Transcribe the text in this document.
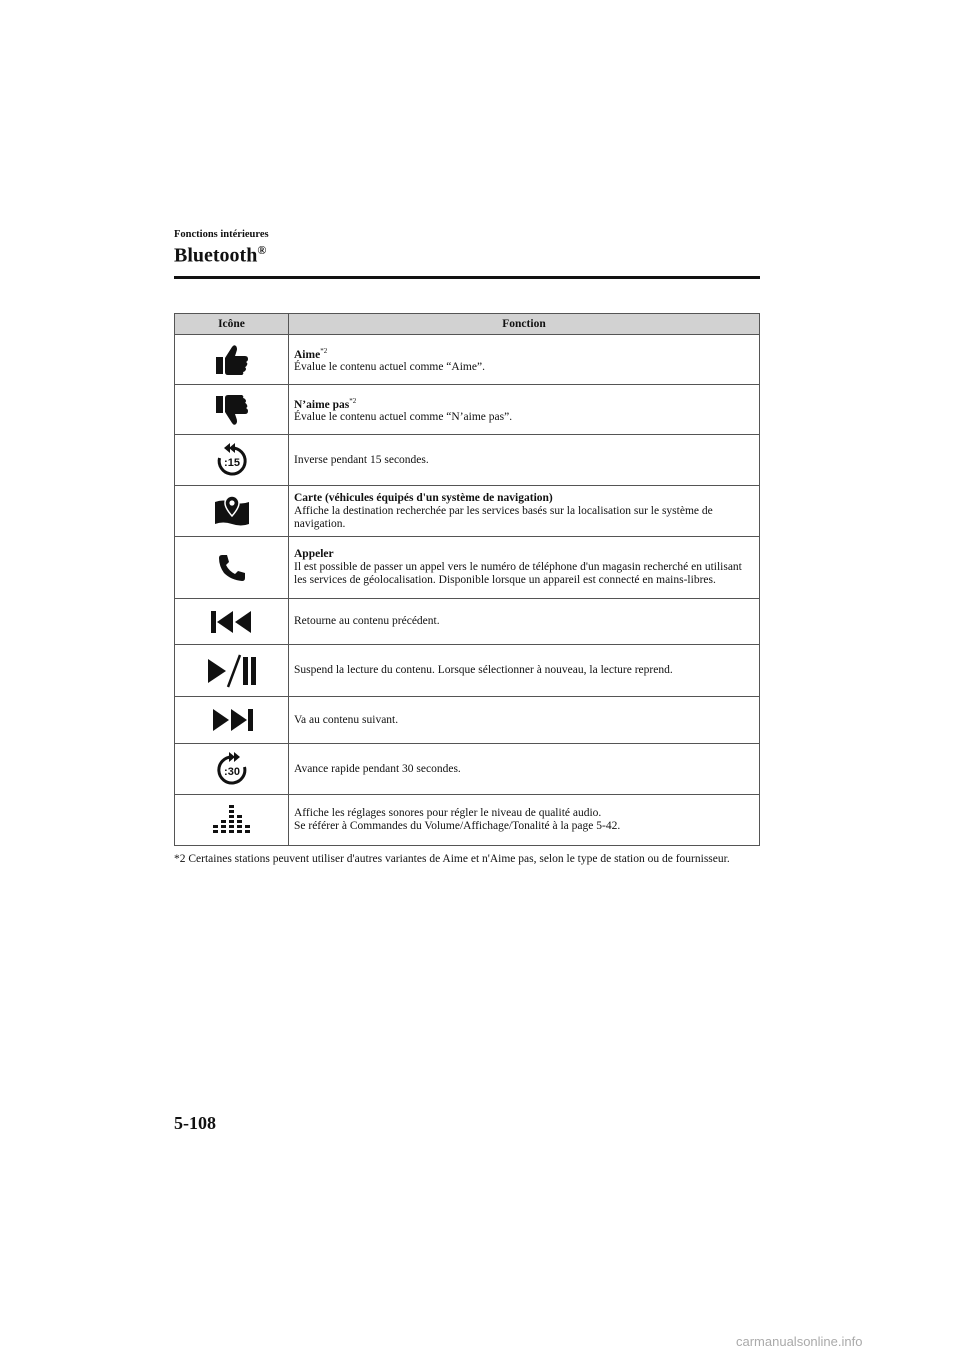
Fonctions intérieures
Bluetooth®
Icône	Fonction

Aime$^{*2}$
Évalue le contenu actuel comme “Aime”.

N’aime pas$^{*2}$
Évalue le contenu actuel comme “N’aime pas”.

:15	Inverse pendant 15 secondes.

Carte (véhicules équipés d'un système de navigation)
Affiche la destination recherchée par les services basés sur la localisation sur le système de navigation.

Appeler
Il est possible de passer un appel vers le numéro de téléphone d'un magasin recherché en utilisant les services de géolocalisation. Disponible lorsque un appareil est connecté en mains-libres.

Retourne au contenu précédent.

Suspend la lecture du contenu. Lorsque sélectionner à nouveau, la lecture reprend.

Va au contenu suivant.

:30	Avance rapide pendant 30 secondes.

Affiche les réglages sonores pour régler le niveau de qualité audio.
Se référer à Commandes du Volume/Affichage/Tonalité à la page 5-42.
*2 Certaines stations peuvent utiliser d'autres variantes de Aime et n'Aime pas, selon le type de station ou de fournisseur.
5-108
carmanualsonline.info
